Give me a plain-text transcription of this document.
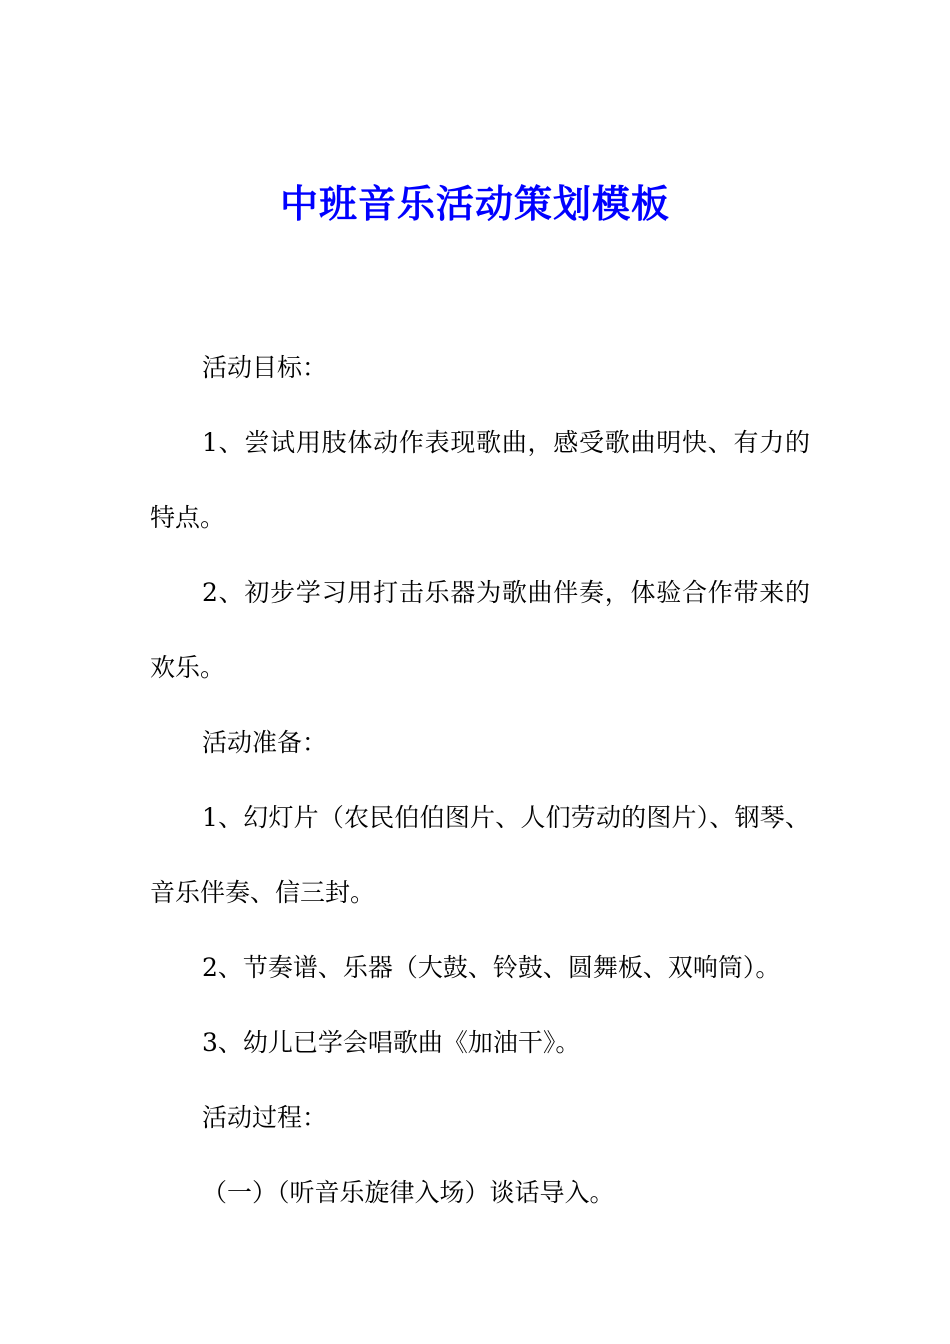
中班音乐活动策划模板

活动目标：

1、尝试用肢体动作表现歌曲，感受歌曲明快、有力的特点。

2、初步学习用打击乐器为歌曲伴奏，体验合作带来的欢乐。

活动准备：

1、幻灯片（农民伯伯图片、人们劳动的图片）、钢琴、音乐伴奏、信三封。

2、节奏谱、乐器（大鼓、铃鼓、圆舞板、双响筒）。

3、幼儿已学会唱歌曲《加油干》。

活动过程：

（一）（听音乐旋律入场）谈话导入。
